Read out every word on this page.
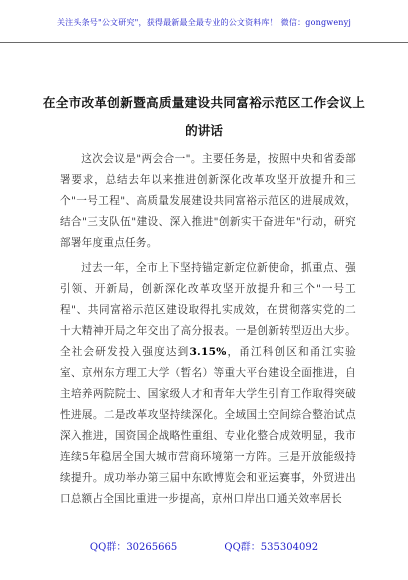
关注头条号"公文研究"，获得最新最全最专业的公文资料库！ 微信：gongwenyj
在全市改革创新暨高质量建设共同富裕示范区工作会议上
的讲话

这次会议是"两会合一"。主要任务是，按照中央和省委部署要求，总结去年以来推进创新深化改革攻坚开放提升和三个"一号工程"、高质量发展建设共同富裕示范区的进展成效，结合"三支队伍"建设、深入推进"创新实干奋进年"行动，研究部署年度重点任务。

过去一年，全市上下坚持锚定新定位新使命，抓重点、强引领、开新局，创新深化改革攻坚开放提升和三个"一号工程"、共同富裕示范区建设取得扎实成效，在贯彻落实党的二十大精神开局之年交出了高分报表。一是创新转型迈出大步。全社会研发投入强度达到3.15%，甬江科创区和甬江实验室、京州东方理工大学（暂名）等重大平台建设全面推进，自主培养两院院士、国家级人才和青年大学生引育工作取得突破性进展。二是改革攻坚持续深化。全域国土空间综合整治试点深入推进，国资国企战略性重组、专业化整合成效明显，我市连续5年稳居全国大城市营商环境第一方阵。三是开放能级持续提升。成功举办第三届中东欧博览会和亚运赛事，外贸进出口总额占全国比重进一步提高，京州口岸出口通关效率居长

QQ群：30265665	QQ群：535304092
